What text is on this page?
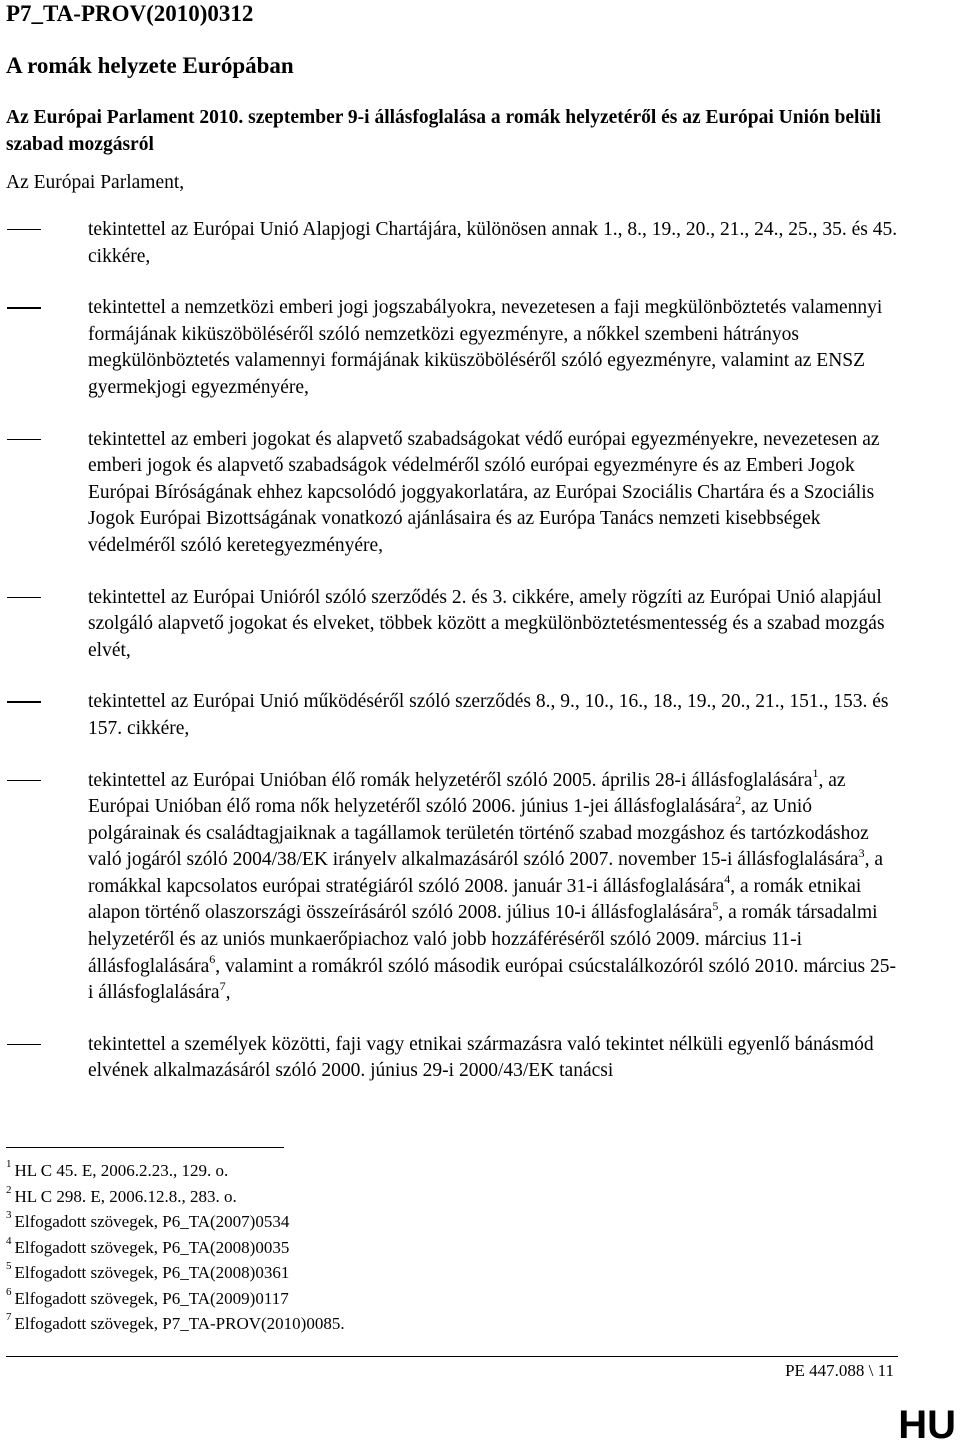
P7_TA-PROV(2010)0312
A romák helyzete Európában
Az Európai Parlament 2010. szeptember 9-i állásfoglalása a romák helyzetéről és az Európai Unión belüli szabad mozgásról
Az Európai Parlament,
tekintettel az Európai Unió Alapjogi Chartájára, különösen annak 1., 8., 19., 20., 21., 24., 25., 35. és 45. cikkére,
tekintettel a nemzetközi emberi jogi jogszabályokra, nevezetesen a faji megkülönböztetés valamennyi formájának kiküszöböléséről szóló nemzetközi egyezményre, a nőkkel szembeni hátrányos megkülönböztetés valamennyi formájának kiküszöböléséről szóló egyezményre, valamint az ENSZ gyermekjogi egyezményére,
tekintettel az emberi jogokat és alapvető szabadságokat védő európai egyezményekre, nevezetesen az emberi jogok és alapvető szabadságok védelméről szóló európai egyezményre és az Emberi Jogok Európai Bíróságának ehhez kapcsolódó joggyakorlatára, az Európai Szociális Chartára és a Szociális Jogok Európai Bizottságának vonatkozó ajánlásaira és az Európa Tanács nemzeti kisebbségek védelméről szóló keretegyezményére,
tekintettel az Európai Unióról szóló szerződés 2. és 3. cikkére, amely rögzíti az Európai Unió alapjául szolgáló alapvető jogokat és elveket, többek között a megkülönböztetésmentesség és a szabad mozgás elvét,
tekintettel az Európai Unió működéséről szóló szerződés 8., 9., 10., 16., 18., 19., 20., 21., 151., 153. és 157. cikkére,
tekintettel az Európai Unióban élő romák helyzetéről szóló 2005. április 28-i állásfoglalására$^1$, az Európai Unióban élő roma nők helyzetéről szóló 2006. június 1-jei állásfoglalására$^2$, az Unió polgárainak és családtagjaiknak a tagállamok területén történő szabad mozgáshoz és tartózkodáshoz való jogáról szóló 2004/38/EK irányelv alkalmazásáról szóló 2007. november 15-i állásfoglalására$^3$, a romákkal kapcsolatos európai stratégiáról szóló 2008. január 31-i állásfoglalására$^4$, a romák etnikai alapon történő olaszországi összeírásáról szóló 2008. július 10-i állásfoglalására$^5$, a romák társadalmi helyzetéről és az uniós munkaerőpiachoz való jobb hozzáféréséről szóló 2009. március 11-i állásfoglalására$^6$, valamint a romákról szóló második európai csúcstalálkozóról szóló 2010. március 25-i állásfoglalására$^7$,
tekintettel a személyek közötti, faji vagy etnikai származásra való tekintet nélküli egyenlő bánásmód elvének alkalmazásáról szóló 2000. június 29-i 2000/43/EK tanácsi
$^1$ HL C 45. E, 2006.2.23., 129. o.
$^2$ HL C 298. E, 2006.12.8., 283. o.
$^3$ Elfogadott szövegek, P6_TA(2007)0534
$^4$ Elfogadott szövegek, P6_TA(2008)0035
$^5$ Elfogadott szövegek, P6_TA(2008)0361
$^6$ Elfogadott szövegek, P6_TA(2009)0117
$^7$ Elfogadott szövegek, P7_TA-PROV(2010)0085.
PE 447.088 \ 11
HU
